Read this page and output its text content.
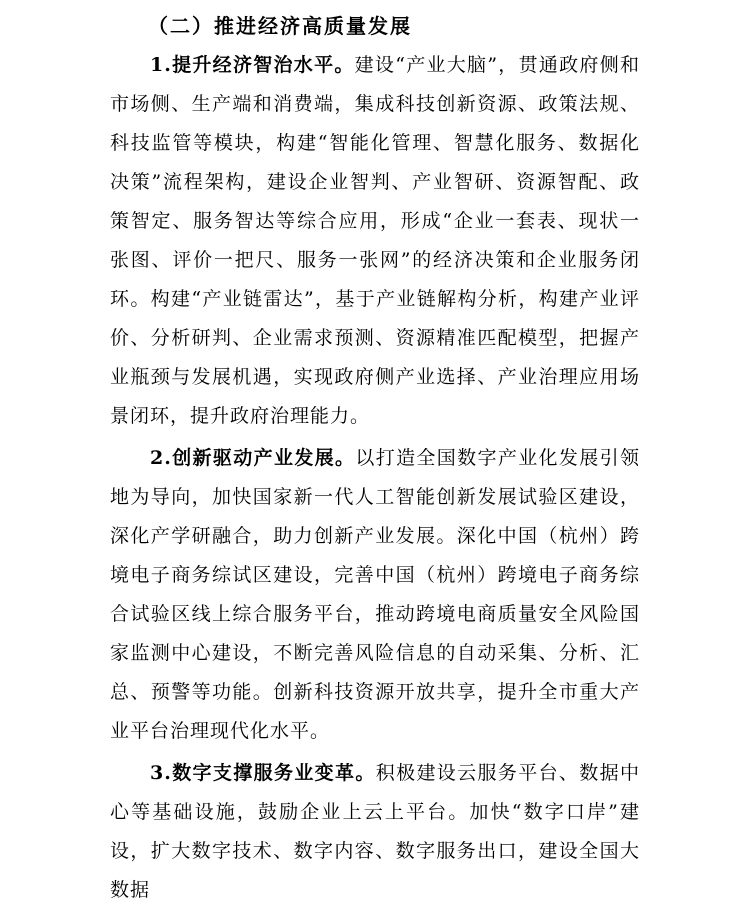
（二）推进经济高质量发展

1.提升经济智治水平。建设“产业大脑”，贯通政府侧和市场侧、生产端和消费端，集成科技创新资源、政策法规、科技监管等模块，构建“智能化管理、智慧化服务、数据化决策”流程架构，建设企业智判、产业智研、资源智配、政策智定、服务智达等综合应用，形成“企业一套表、现状一张图、评价一把尺、服务一张网”的经济决策和企业服务闭环。构建“产业链雷达”，基于产业链解构分析，构建产业评价、分析研判、企业需求预测、资源精准匹配模型，把握产业瓶颈与发展机遇，实现政府侧产业选择、产业治理应用场景闭环，提升政府治理能力。

2.创新驱动产业发展。以打造全国数字产业化发展引领地为导向，加快国家新一代人工智能创新发展试验区建设，深化产学研融合，助力创新产业发展。深化中国（杭州）跨境电子商务综试区建设，完善中国（杭州）跨境电子商务综合试验区线上综合服务平台，推动跨境电商质量安全风险国家监测中心建设，不断完善风险信息的自动采集、分析、汇总、预警等功能。创新科技资源开放共享，提升全市重大产业平台治理现代化水平。

3.数字支撑服务业变革。积极建设云服务平台、数据中心等基础设施，鼓励企业上云上平台。加快“数字口岸”建设，扩大数字技术、数字内容、数字服务出口，建设全国大数据
